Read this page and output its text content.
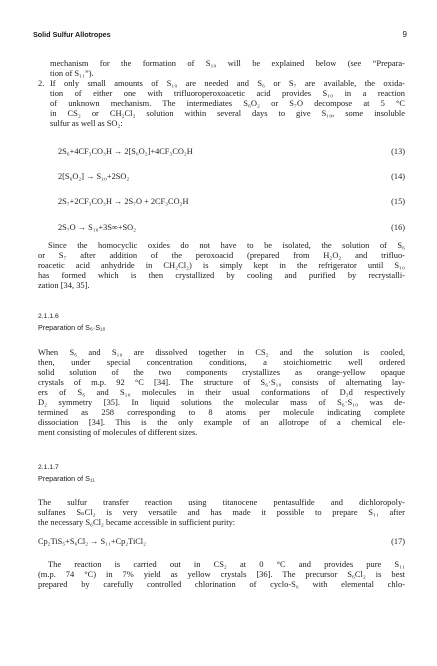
Solid Sulfur Allotropes	9
mechanism for the formation of S₁₀ will be explained below (see “Prepara-
tion of S₁₁”).
2. If only small amounts of S₁₀ are needed and S₆ or S₇ are available, the oxida-
tion of either one with trifluoroperoxoacetic acid provides S₁₀ in a reaction
of unknown mechanism. The intermediates S₆O₂ or S₇O decompose at 5 °C
in CS₂ or CH₂Cl₂ solution within several days to give S₁₀, some insoluble
sulfur as well as SO₂:
2S₆+4CF₃CO₃H → 2[S₆O₂]+4CF₃CO₂H	(13)
2[S₆O₂] → S₁₀+2SO₂	(14)
2S₇+2CF₃CO₃H → 2S₇O + 2CF₃CO₂H	(15)
2S₇O → S₁₀+3S∞+SO₂	(16)
Since the homocyclic oxides do not have to be isolated, the solution of S₆
or S₇ after addition of the peroxoacid (prepared from H₂O₂ and trifluo-
roacetic acid anhydride in CH₂Cl₂) is simply kept in the refrigerator until S₁₀
has formed which is then crystallized by cooling and purified by recrystalli-
zation [34, 35].
2.1.1.6
Preparation of S₆·S₁₀
When S₆ and S₁₀ are dissolved together in CS₂ and the solution is cooled,
then, under special concentration conditions, a stoichiometric well ordered
solid solution of the two components crystallizes as orange-yellow opaque
crystals of m.p. 92 °C [34]. The structure of S₆·S₁₀ consists of alternating lay-
ers of S₆ and S₁₀ molecules in their usual conformations of D₃d respectively
D₂ symmetry [35]. In liquid solutions the molecular mass of S₆·S₁₀ was de-
termined as 258 corresponding to 8 atoms per molecule indicating complete
dissociation [34]. This is the only example of an allotrope of a chemical ele-
ment consisting of molecules of different sizes.
2.1.1.7
Preparation of S₁₁
The sulfur transfer reaction using titanocene pentasulfide and dichloropoly-
sulfanes SₙCl₂ is very versatile and has made it possible to prepare S₁₁ after
the necessary S₆Cl₂ became accessible in sufficient purity:
Cp₂TiS₅+S₆Cl₂ → S₁₁+Cp₂TiCl₂	(17)
The reaction is carried out in CS₂ at 0 °C and provides pure S₁₁
(m.p. 74 °C) in 7% yield as yellow crystals [36]. The precursor S₆Cl₂ is best
prepared by carefully controlled chlorination of cyclo-S₆ with elemental chlo-
